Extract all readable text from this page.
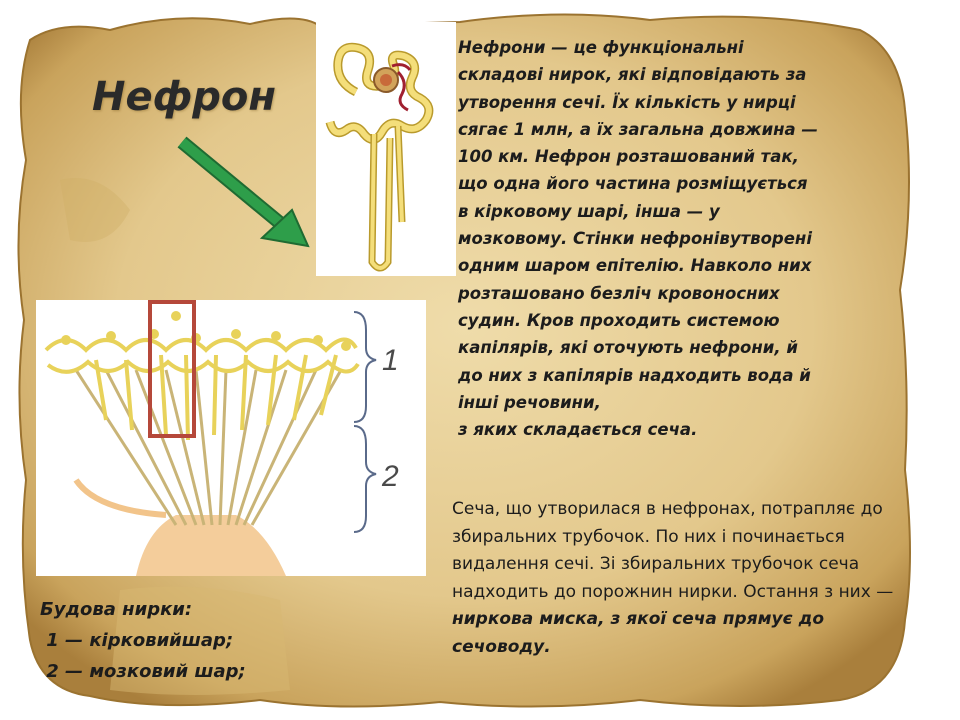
Нефрон
1
2
Нефрони — це функціональні
складові нирок, які відповідають за
утворення сечі. Їх кількість у нирці
сягає 1 млн, а їх загальна довжина —
100 км. Нефрон розташований так,
що одна його частина розміщується
в кірковому шарі, інша — у
мозковому. Стінки нефронівутворені
одним шаром епітелію. Навколо них
розташовано безліч кровоносних
судин. Кров проходить системою
капілярів, які оточують нефрони, й
до них з капілярів надходить вода й
інші речовини,
з яких складається сеча.
Сеча, що утворилася в нефронах, потрапляє до збиральних трубочок. По них і починається видалення сечі. Зі збиральних трубочок сеча надходить до порожнин нирки. Остання з них — ниркова миска, з якої сеча прямує до сечоводу.
Будова нирки:
1 — кірковийшар;
2 — мозковий шар;
